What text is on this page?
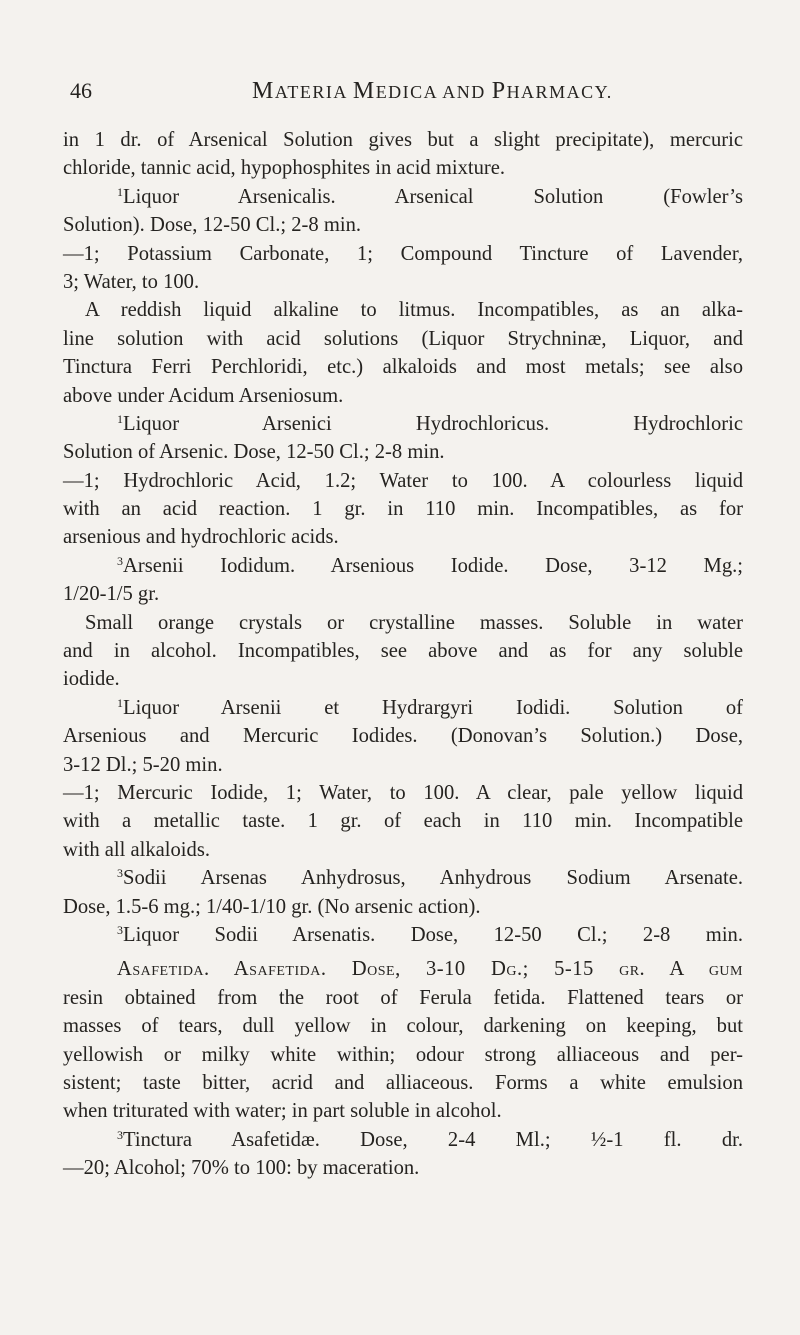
46	MATERIA MEDICA AND PHARMACY.
in 1 dr. of Arsenical Solution gives but a slight precipitate), mercuric
chloride, tannic acid, hypophosphites in acid mixture.
$^1$Liquor Arsenicalis. Arsenical Solution (Fowler’s
Solution). Dose, 12-50 Cl.; 2-8 min.
—1; Potassium Carbonate, 1; Compound Tincture of Lavender,
3; Water, to 100.
A reddish liquid alkaline to litmus. Incompatibles, as an alka-
line solution with acid solutions (Liquor Strychninæ, Liquor, and
Tinctura Ferri Perchloridi, etc.) alkaloids and most metals; see also
above under Acidum Arseniosum.
$^1$Liquor Arsenici Hydrochloricus. Hydrochloric
Solution of Arsenic. Dose, 12-50 Cl.; 2-8 min.
—1; Hydrochloric Acid, 1.2; Water to 100. A colourless liquid
with an acid reaction. 1 gr. in 110 min. Incompatibles, as for
arsenious and hydrochloric acids.
$^3$Arsenii Iodidum. Arsenious Iodide. Dose, 3-12 Mg.;
1/20-1/5 gr.
Small orange crystals or crystalline masses. Soluble in water
and in alcohol. Incompatibles, see above and as for any soluble
iodide.
$^1$Liquor Arsenii et Hydrargyri Iodidi. Solution of
Arsenious and Mercuric Iodides. (Donovan’s Solution.) Dose,
3-12 Dl.; 5-20 min.
—1; Mercuric Iodide, 1; Water, to 100. A clear, pale yellow liquid
with a metallic taste. 1 gr. of each in 110 min. Incompatible
with all alkaloids.
$^3$Sodii Arsenas Anhydrosus, Anhydrous Sodium Arsenate.
Dose, 1.5-6 mg.; 1/40-1/10 gr. (No arsenic action).
$^3$Liquor Sodii Arsenatis. Dose, 12-50 Cl.; 2-8 min.
Asafetida. Asafetida. Dose, 3-10 Dg.; 5-15 gr. A gum
resin obtained from the root of Ferula fetida. Flattened tears or
masses of tears, dull yellow in colour, darkening on keeping, but
yellowish or milky white within; odour strong alliaceous and per-
sistent; taste bitter, acrid and alliaceous. Forms a white emulsion
when triturated with water; in part soluble in alcohol.
$^3$Tinctura Asafetidæ. Dose, 2-4 Ml.; ½-1 fl. dr.
—20; Alcohol; 70% to 100: by maceration.
